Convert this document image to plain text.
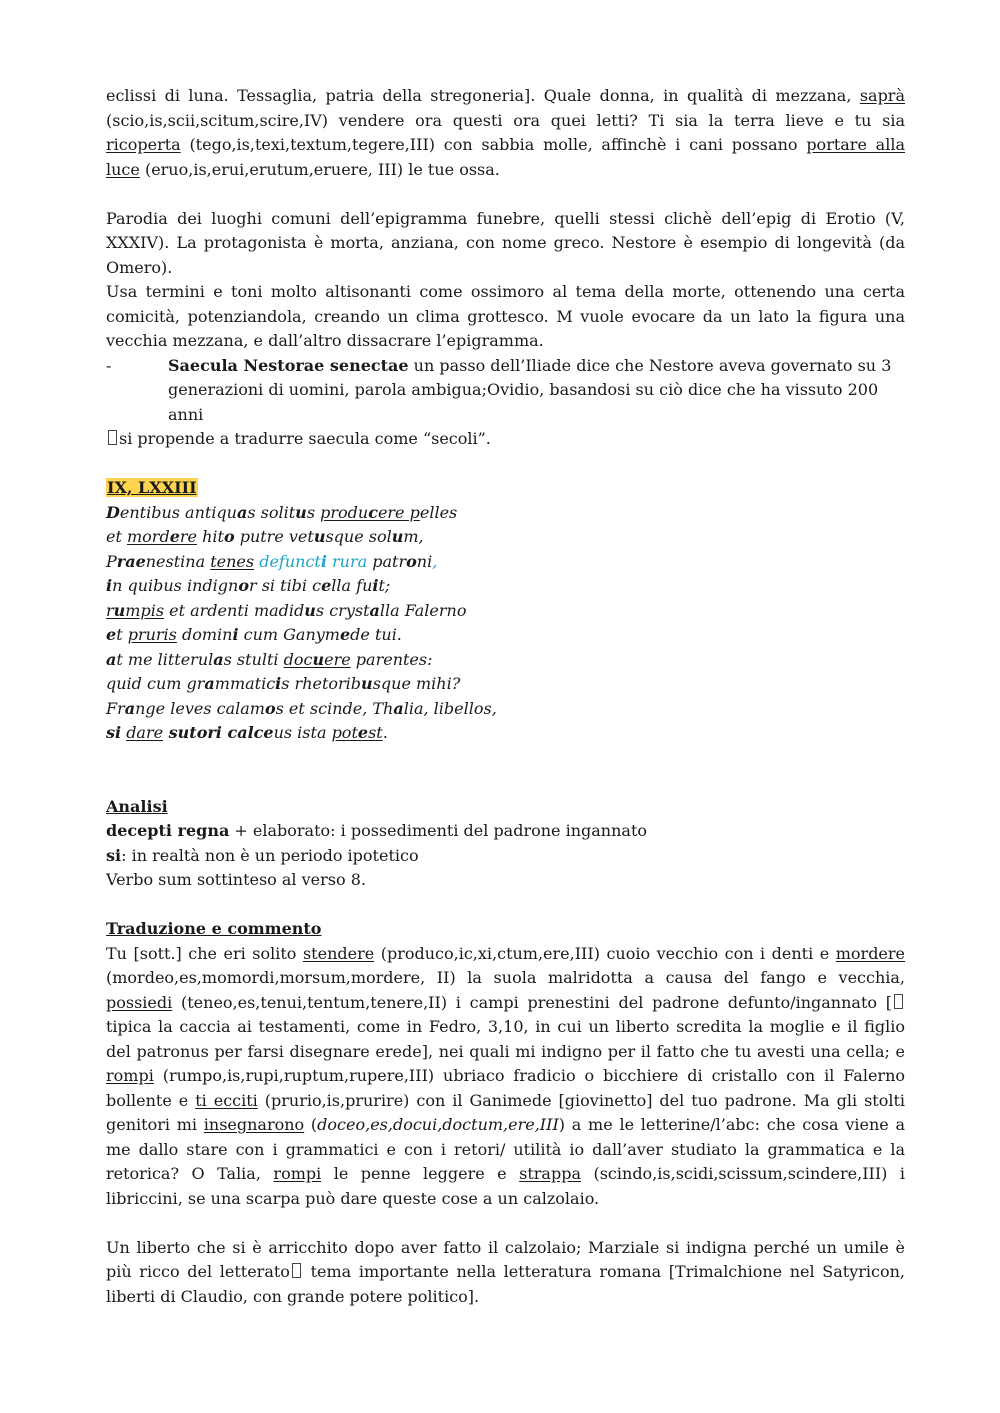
eclissi di luna. Tessaglia, patria della stregoneria]. Quale donna, in qualità di mezzana, saprà (scio,is,scii,scitum,scire,IV) vendere ora questi ora quei letti? Ti sia la terra lieve e tu sia ricoperta (tego,is,texi,textum,tegere,III) con sabbia molle, affinchè i cani possano portare alla luce (eruo,is,erui,erutum,eruere, III) le tue ossa.

Parodia dei luoghi comuni dell’epigramma funebre, quelli stessi clichè dell’epig di Erotio (V, XXXIV). La protagonista è morta, anziana, con nome greco. Nestore è esempio di longevità (da Omero).

Usa termini e toni molto altisonanti come ossimoro al tema della morte, ottenendo una certa comicità, potenziandola, creando un clima grottesco. M vuole evocare da un lato la figura una vecchia mezzana, e dall’altro dissacrare l’epigramma.

-	Saecula Nestorae senectae un passo dell’Iliade dice che Nestore aveva governato su 3 generazioni di uomini, parola ambigua;Ovidio, basandosi su ciò dice che ha vissuto 200 anni

si propende a tradurre saecula come “secoli”.

IX, LXXIII

Dentibus antiquas solitus producere pelles
et mordere hito putre vetusque solum,
Praenestina tenes defuncti rura patroni,
in quibus indignor si tibi cella fuit;
rumpis et ardenti madidus crystalla Falerno
et pruris domini cum Ganymede tui.
at me litterulas stulti docuere parentes:
quid cum grammaticis rhetoribusque mihi?
Frange leves calamos et scinde, Thalia, libellos,
si dare sutori calceus ista potest.

Analisi

decepti regna + elaborato: i possedimenti del padrone ingannato

si: in realtà non è un periodo ipotetico

Verbo sum sottinteso al verso 8.

Traduzione e commento

Tu [sott.] che eri solito stendere (produco,ic,xi,ctum,ere,III) cuoio vecchio con i denti e mordere (mordeo,es,momordi,morsum,mordere, II) la suola malridotta a causa del fango e vecchia, possiedi (teneo,es,tenui,tentum,tenere,II) i campi prenestini del padrone defunto/ingannato [tipica la caccia ai testamenti, come in Fedro, 3,10, in cui un liberto scredita la moglie e il figlio del patronus per farsi disegnare erede], nei quali mi indigno per il fatto che tu avesti una cella; e rompi (rumpo,is,rupi,ruptum,rupere,III) ubriaco fradicio o bicchiere di cristallo con il Falerno bollente e ti ecciti (prurio,is,prurire) con il Ganimede [giovinetto] del tuo padrone. Ma gli stolti genitori mi insegnarono (doceo,es,docui,doctum,ere,III) a me le letterine/l’abc: che cosa viene a me dallo stare con i grammatici e con i retori/ utilità io dall’aver studiato la grammatica e la retorica? O Talia, rompi le penne leggere e strappa (scindo,is,scidi,scissum,scindere,III) i libriccini, se una scarpa può dare queste cose a un calzolaio.

Un liberto che si è arricchito dopo aver fatto il calzolaio; Marziale si indigna perché un umile è più ricco del letterato tema importante nella letteratura romana [Trimalchione nel Satyricon, liberti di Claudio, con grande potere politico].
